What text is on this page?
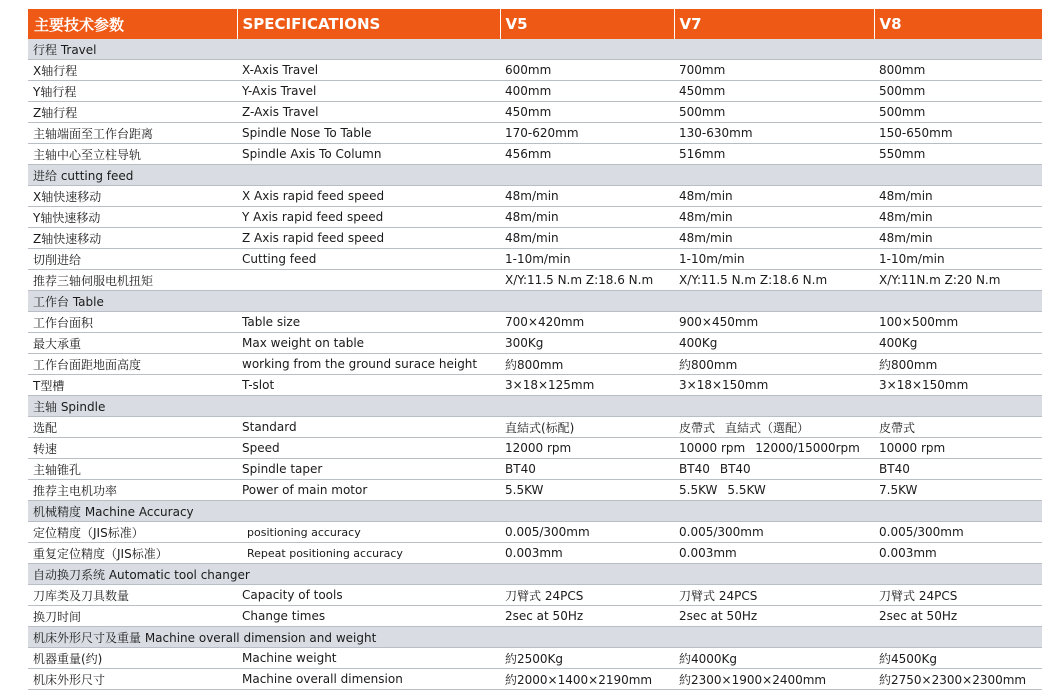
主要技术参数	SPECIFICATIONS	V5	V7	V8
行程 Travel				
X轴行程	X-Axis Travel	600mm	700mm	800mm
Y轴行程	Y-Axis Travel	400mm	450mm	500mm
Z轴行程	Z-Axis Travel	450mm	500mm	500mm
主轴端面至工作台距离	Spindle Nose To Table	170-620mm	130-630mm	150-650mm
主轴中心至立柱导轨	Spindle Axis To Column	456mm	516mm	550mm
进给 cutting feed				
X轴快速移动	X Axis rapid feed speed	48m/min	48m/min	48m/min
Y轴快速移动	Y Axis rapid feed speed	48m/min	48m/min	48m/min
Z轴快速移动	Z Axis rapid feed speed	48m/min	48m/min	48m/min
切削进给	Cutting feed	1-10m/min	1-10m/min	1-10m/min
推荐三轴伺服电机扭矩		X/Y:11.5 N.m Z:18.6 N.m	X/Y:11.5 N.m Z:18.6 N.m	X/Y:11N.m Z:20 N.m
工作台 Table				
工作台面积	Table size	700×420mm	900×450mm	100×500mm
最大承重	Max weight on table	300Kg	400Kg	400Kg
工作台面距地面高度	working from the ground surace height	約800mm	約800mm	約800mm
T型槽	T-slot	3×18×125mm	3×18×150mm	3×18×150mm
主轴 Spindle				
选配	Standard	直結式(标配)	皮帶式 直結式（選配）	皮帶式
转速	Speed	12000 rpm	10000 rpm 12000/15000rpm	10000 rpm
主轴锥孔	Spindle taper	BT40	BT40 BT40	BT40
推荐主电机功率	Power of main motor	5.5KW	5.5KW 5.5KW	7.5KW
机械精度 Machine Accuracy				
定位精度（JIS标准）	positioning accuracy	0.005/300mm	0.005/300mm	0.005/300mm
重复定位精度（JIS标准）	Repeat positioning accuracy	0.003mm	0.003mm	0.003mm
自动换刀系统 Automatic tool changer				
刀库类及刀具数量	Capacity of tools	刀臂式 24PCS	刀臂式 24PCS	刀臂式 24PCS
换刀时间	Change times	2sec at 50Hz	2sec at 50Hz	2sec at 50Hz
机床外形尺寸及重量 Machine overall dimension and weight				
机器重量(约)	Machine weight	約2500Kg	約4000Kg	約4500Kg
机床外形尺寸	Machine overall dimension	約2000×1400×2190mm	約2300×1900×2400mm	約2750×2300×2300mm
